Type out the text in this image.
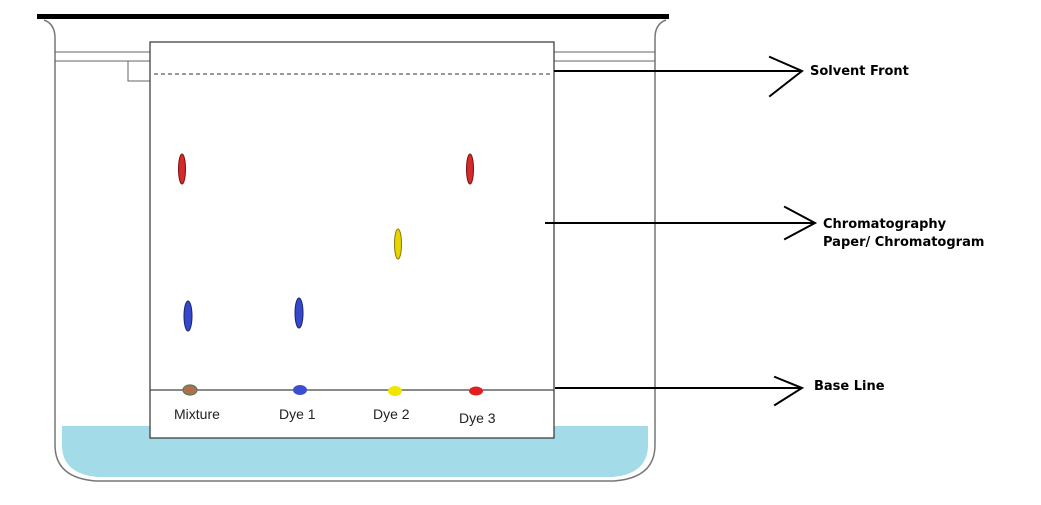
Mixture	Dye 1	Dye 2	Dye 3
Solvent Front
Chromatography
Paper/ Chromatogram
Base Line
